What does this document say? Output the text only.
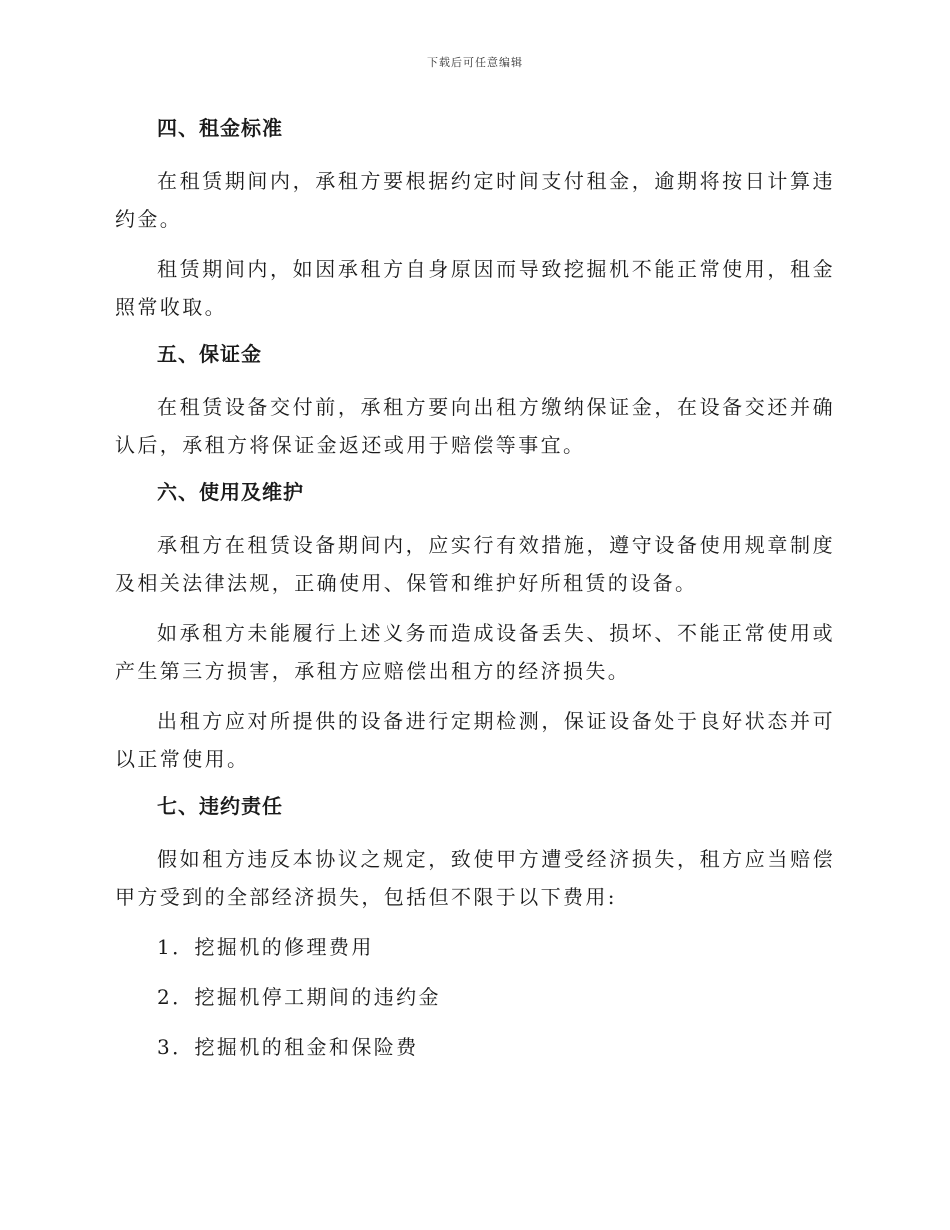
下载后可任意编辑
四、租金标准

在租赁期间内，承租方要根据约定时间支付租金，逾期将按日计算违约金。

租赁期间内，如因承租方自身原因而导致挖掘机不能正常使用，租金照常收取。

五、保证金

在租赁设备交付前，承租方要向出租方缴纳保证金，在设备交还并确认后，承租方将保证金返还或用于赔偿等事宜。

六、使用及维护

承租方在租赁设备期间内，应实行有效措施，遵守设备使用规章制度及相关法律法规，正确使用、保管和维护好所租赁的设备。

如承租方未能履行上述义务而造成设备丢失、损坏、不能正常使用或产生第三方损害，承租方应赔偿出租方的经济损失。

出租方应对所提供的设备进行定期检测，保证设备处于良好状态并可以正常使用。

七、违约责任

假如租方违反本协议之规定，致使甲方遭受经济损失，租方应当赔偿甲方受到的全部经济损失，包括但不限于以下费用:

1．挖掘机的修理费用
2．挖掘机停工期间的违约金
3．挖掘机的租金和保险费
